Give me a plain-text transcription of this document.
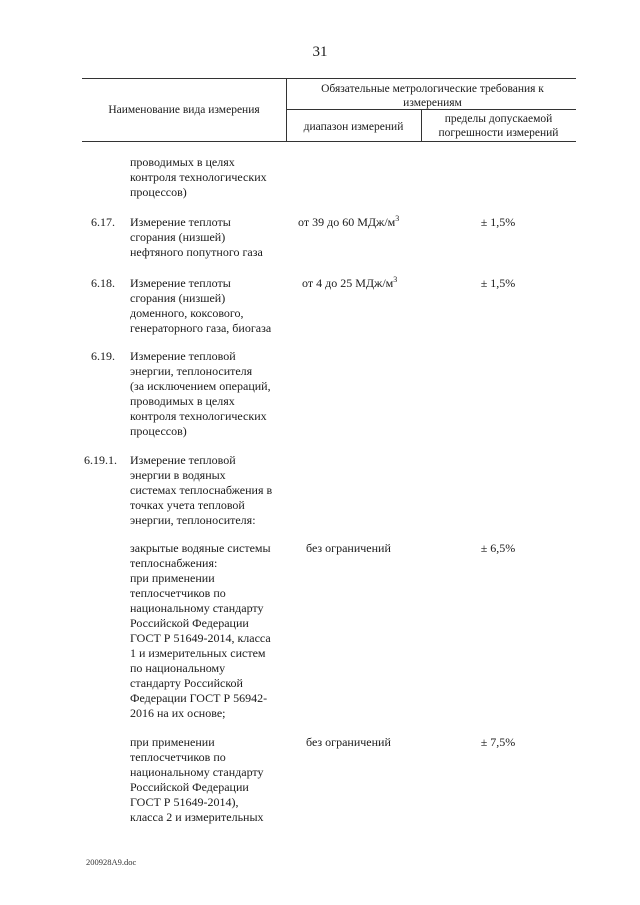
31
Наименование вида измерения
Обязательные метрологические требования к измерениям
диапазон измерений
пределы допускаемой погрешности измерений
проводимых в целях
контроля технологических
процессов)
6.17. Измерение теплоты
сгорания (низшей)
нефтяного попутного газа
от 39 до 60 МДж/$м^3$	± 1,5%
6.18. Измерение теплоты
сгорания (низшей)
доменного, коксового,
генераторного газа, биогаза
от 4 до 25 МДж/$м^3$	± 1,5%
6.19. Измерение тепловой
энергии, теплоносителя
(за исключением операций,
проводимых в целях
контроля технологических
процессов)
6.19.1. Измерение тепловой
энергии в водяных
системах теплоснабжения в
точках учета тепловой
энергии, теплоносителя:
закрытые водяные системы
теплоснабжения:
при применении
теплосчетчиков по
национальному стандарту
Российской Федерации
ГОСТ Р 51649-2014, класса
1 и измерительных систем
по национальному
стандарту Российской
Федерации ГОСТ Р 56942-
2016 на их основе;
без ограничений	± 6,5%
при применении
теплосчетчиков по
национальному стандарту
Российской Федерации
ГОСТ Р 51649-2014),
класса 2 и измерительных
без ограничений	± 7,5%
200928A9.doc
